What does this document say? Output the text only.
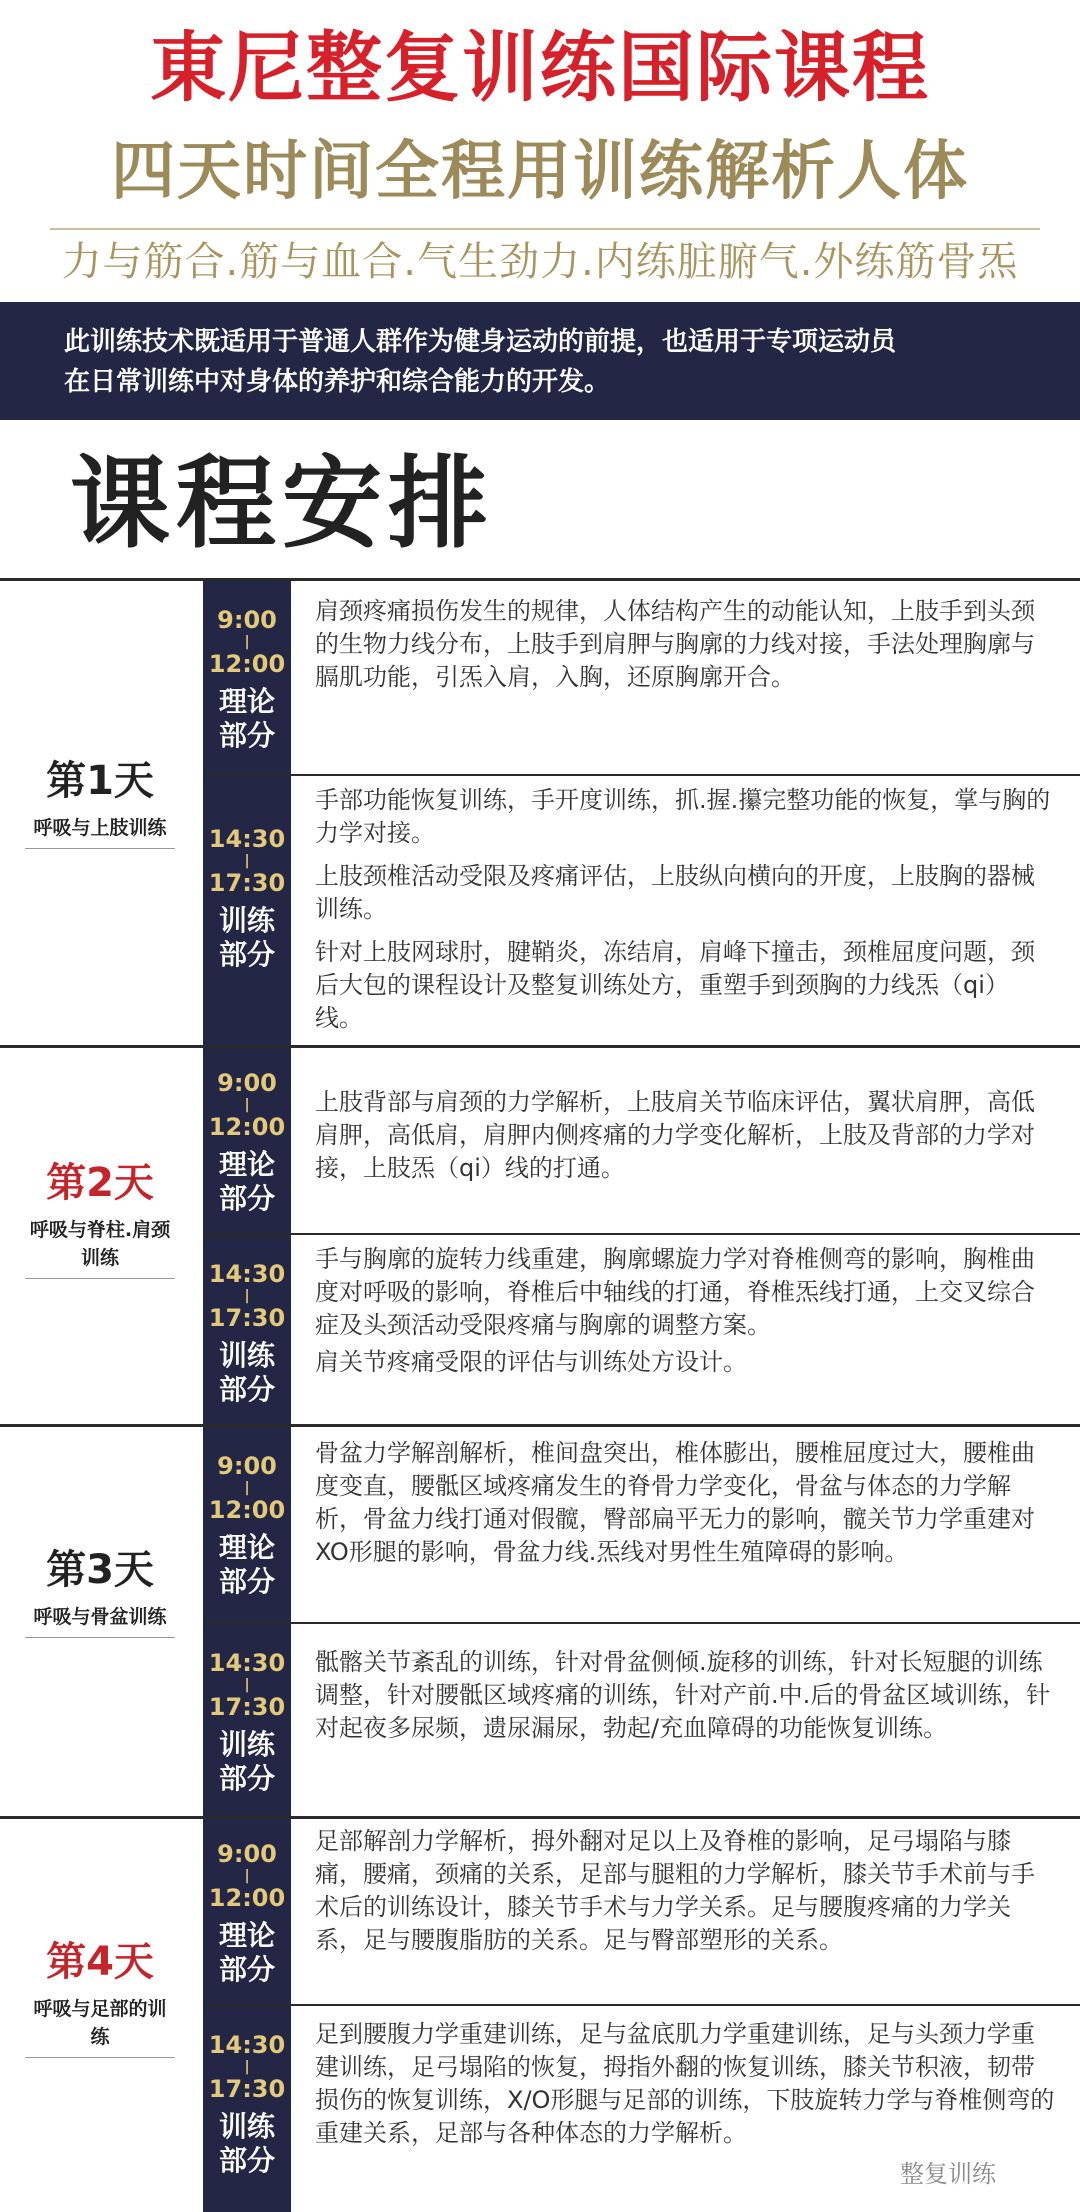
東尼整复训练国际课程
四天时间全程用训练解析人体
力与筋合.筋与血合.气生劲力.内练脏腑气.外练筋骨炁

此训练技术既适用于普通人群作为健身运动的前提，也适用于专项运动员

在日常训练中对身体的养护和综合能力的开发。

课程安排
第1天
呼吸与上肢训练
9:00
|
12:00
理论
部分

肩颈疼痛损伤发生的规律，人体结构产生的动能认知，上肢手到头颈的生物力线分布，上肢手到肩胛与胸廓的力线对接，手法处理胸廓与膈肌功能，引炁入肩，入胸，还原胸廓开合。

14:30
|
17:30
训练
部分

手部功能恢复训练，手开度训练，抓.握.攥完整功能的恢复，掌与胸的力学对接。

上肢颈椎活动受限及疼痛评估，上肢纵向横向的开度，上肢胸的器械训练。

针对上肢网球肘，腱鞘炎，冻结肩，肩峰下撞击，颈椎屈度问题，颈后大包的课程设计及整复训练处方，重塑手到颈胸的力线炁（qi）线。

第2天
呼吸与脊柱.肩颈训练
9:00
|
12:00
理论
部分

上肢背部与肩颈的力学解析，上肢肩关节临床评估，翼状肩胛，高低肩胛，高低肩，肩胛内侧疼痛的力学变化解析，上肢及背部的力学对接，上肢炁（qi）线的打通。

14:30
|
17:30
训练
部分

手与胸廓的旋转力线重建，胸廓螺旋力学对脊椎侧弯的影响，胸椎曲度对呼吸的影响，脊椎后中轴线的打通，脊椎炁线打通，上交叉综合症及头颈活动受限疼痛与胸廓的调整方案。

肩关节疼痛受限的评估与训练处方设计。

第3天
呼吸与骨盆训练
9:00
|
12:00
理论
部分

骨盆力学解剖解析，椎间盘突出，椎体膨出，腰椎屈度过大，腰椎曲度变直，腰骶区域疼痛发生的脊骨力学变化，骨盆与体态的力学解析，骨盆力线打通对假髋，臀部扁平无力的影响，髋关节力学重建对XO形腿的影响，骨盆力线.炁线对男性生殖障碍的影响。

14:30
|
17:30
训练
部分

骶髂关节紊乱的训练，针对骨盆侧倾.旋移的训练，针对长短腿的训练调整，针对腰骶区域疼痛的训练，针对产前.中.后的骨盆区域训练，针对起夜多尿频，遗尿漏尿，勃起/充血障碍的功能恢复训练。

第4天
呼吸与足部的训练
9:00
|
12:00
理论
部分

足部解剖力学解析，拇外翻对足以上及脊椎的影响，足弓塌陷与膝痛，腰痛，颈痛的关系，足部与腿粗的力学解析，膝关节手术前与手术后的训练设计，膝关节手术与力学关系。足与腰腹疼痛的力学关系，足与腰腹脂肪的关系。足与臀部塑形的关系。

14:30
|
17:30
训练
部分

足到腰腹力学重建训练，足与盆底肌力学重建训练，足与头颈力学重建训练，足弓塌陷的恢复，拇指外翻的恢复训练，膝关节积液，韧带损伤的恢复训练，X/O形腿与足部的训练，下肢旋转力学与脊椎侧弯的重建关系，足部与各种体态的力学解析。

整复训练
